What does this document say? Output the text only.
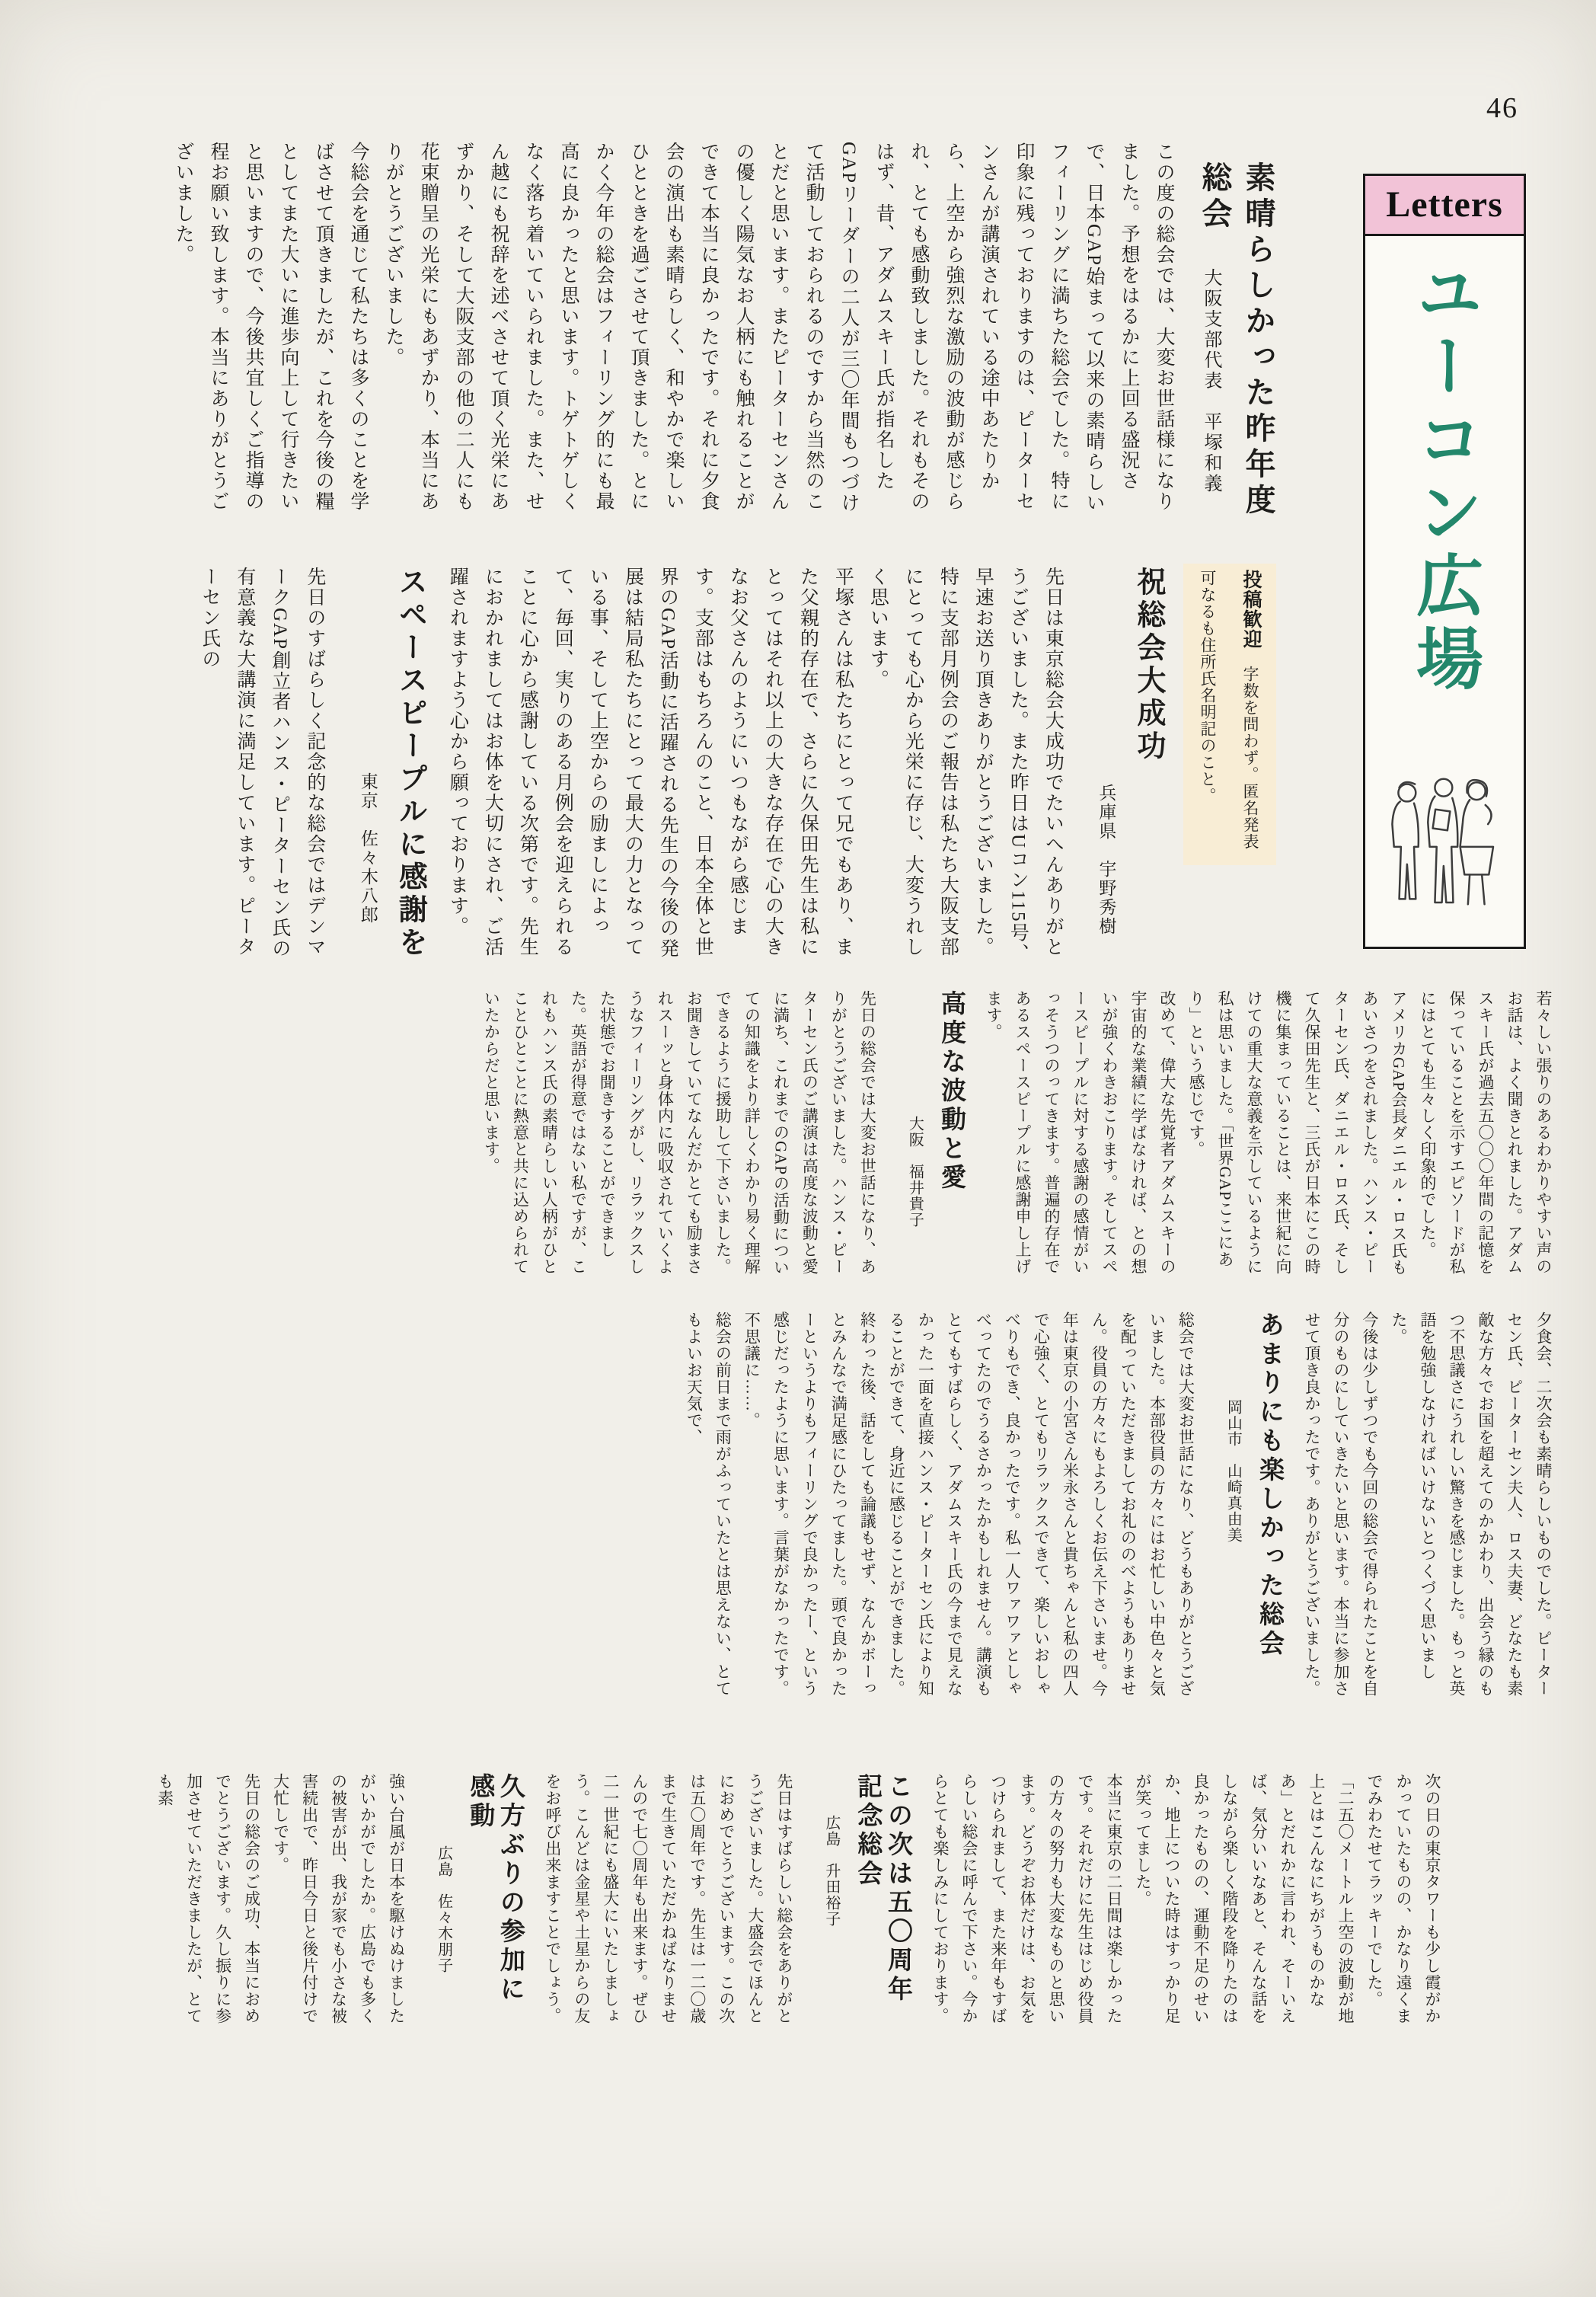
46
Letters
ユーコン広場
素晴らしかった昨年度総会
大阪支部代表　平塚和義
投稿歓迎　字数を問わず。匿名発表可なるも住所氏名明記のこと。

この度の総会では、大変お世話様になりました。予想をはるかに上回る盛況さで、日本GAP始まって以来の素晴らしいフィーリングに満ちた総会でした。特に印象に残っておりますのは、ピーターセンさんが講演されている途中あたりから、上空から強烈な激励の波動が感じられ、とても感動致しました。それもそのはず、昔、アダムスキー氏が指名したGAPリーダーの二人が三〇年間もつづけて活動しておられるのですから当然のことだと思います。またピーターセンさんの優しく陽気なお人柄にも触れることができて本当に良かったです。それに夕食会の演出も素晴らしく、和やかで楽しいひとときを過ごさせて頂きました。とにかく今年の総会はフィーリング的にも最高に良かったと思います。トゲトゲしくなく落ち着いていられました。また、せん越にも祝辞を述べさせて頂く光栄にあずかり、そして大阪支部の他の二人にも花束贈呈の光栄にもあずかり、本当にありがとうございました。

今総会を通じて私たちは多くのことを学ばさせて頂きましたが、これを今後の糧としてまた大いに進歩向上して行きたいと思いますので、今後共宜しくご指導の程お願い致します。本当にありがとうございました。

祝総会大成功
兵庫県　宇野秀樹

先日は東京総会大成功でたいへんありがとうございました。また昨日はUコン115号、早速お送り頂きありがとうございました。特に支部月例会のご報告は私たち大阪支部にとっても心から光栄に存じ、大変うれしく思います。

平塚さんは私たちにとって兄でもあり、また父親的存在で、さらに久保田先生は私にとってはそれ以上の大きな存在で心の大きなお父さんのようにいつもながら感じます。支部はもちろんのこと、日本全体と世界のGAP活動に活躍される先生の今後の発展は結局私たちにとって最大の力となっている事、そして上空からの励ましによって、毎回、実りのある月例会を迎えられることに心から感謝している次第です。先生におかれましてはお体を大切にされ、ご活躍されますよう心から願っております。

スペースピープルに感謝を
東京　佐々木八郎

先日のすばらしく記念的な総会ではデンマークGAP創立者ハンス・ピーターセン氏の有意義な大講演に満足しています。ピーターセン氏の

若々しい張りのあるわかりやすい声のお話は、よく聞きとれました。アダムスキー氏が過去五〇〇〇年間の記憶を保っていることを示すエピソードが私にはとても生々しく印象的でした。

アメリカGAP会長ダニエル・ロス氏もあいさつをされました。ハンス・ピーターセン氏、ダニエル・ロス氏、そして久保田先生と、三氏が日本にこの時機に集まっていることは、来世紀に向けての重大な意義を示しているように私は思いました。「世界GAPここにあり」という感じです。

改めて、偉大な先覚者アダムスキーの宇宙的な業績に学ばなければ、との想いが強くわきおこります。そしてスペースピープルに対する感謝の感情がいっそうつのってきます。普遍的存在であるスペースピープルに感謝申し上げます。

高度な波動と愛
大阪　福井貴子

先日の総会では大変お世話になり、ありがとうございました。ハンス・ピーターセン氏のご講演は高度な波動と愛に満ち、これまでのGAPの活動についての知識をより詳しくわかり易く理解できるように援助して下さいました。お聞きしていてなんだかとても励まされスーッと身体内に吸収されていくようなフィーリングがし、リラックスした状態でお聞きすることができました。英語が得意ではない私ですが、これもハンス氏の素晴らしい人柄がひとことひとことに熱意と共に込められていたからだと思います。

夕食会、二次会も素晴らしいものでした。ピーターセン氏、ピーターセン夫人、ロス夫妻、どなたも素敵な方々でお国を超えてのかかわり、出会う縁のもつ不思議さにうれしい驚きを感じました。もっと英語を勉強しなければいけないとつくづく思いました。

今後は少しずつでも今回の総会で得られたことを自分のものにしていきたいと思います。本当に参加させて頂き良かったです。ありがとうございました。

あまりにも楽しかった総会
岡山市　山崎真由美

総会では大変お世話になり、どうもありがとうございました。本部役員の方々にはお忙しい中色々と気を配っていただきましてお礼ののべようもありません。役員の方々にもよろしくお伝え下さいませ。今年は東京の小宮さん米永さんと貴ちゃんと私の四人で心強く、とてもリラックスできて、楽しいおしゃべりもでき、良かったです。私一人ワァワァとしゃべってたのでうるさかったかもしれません。講演もとてもすばらしく、アダムスキー氏の今まで見えなかった一面を直接ハンス・ピーターセン氏により知ることができて、身近に感じることができました。終わった後、話をしても論議もせず、なんかボーっとみんなで満足感にひたってました。頭で良かったーというよりもフィーリングで良かったー、という感じだったように思います。言葉がなかったです。不思議に……。

総会の前日まで雨がふっていたとは思えない、とてもよいお天気で、

次の日の東京タワーも少し霞がかかっていたものの、かなり遠くまでみわたせてラッキーでした。「二五〇メートル上空の波動が地上とはこんなにちがうものかなあ」とだれかに言われ、そーいえば、気分いいなあと、そんな話をしながら楽しく階段を降りたのは良かったものの、運動不足のせいか、地上についた時はすっかり足が笑ってました。

本当に東京の二日間は楽しかったです。それだけに先生はじめ役員の方々の努力も大変なものと思います。どうぞお体だけは、お気をつけられまして、また来年もすばらしい総会に呼んで下さい。今からとても楽しみにしております。

この次は五〇周年記念総会
広島　升田裕子

先日はすばらしい総会をありがとうございました。大盛会でほんとにおめでとうございます。この次は五〇周年です。先生は一二〇歳まで生きていただかねばなりませんので七〇周年も出来ます。ぜひ二一世紀にも盛大にいたしましょう。こんどは金星や土星からの友をお呼び出来ますことでしょう。

久方ぶりの参加に感動
広島　佐々木朋子

強い台風が日本を駆けぬけましたがいかがでしたか。広島でも多くの被害が出、我が家でも小さな被害続出で、昨日今日と後片付けで大忙しです。

先日の総会のご成功、本当におめでとうございます。久し振りに参加させていただきましたが、とても素
